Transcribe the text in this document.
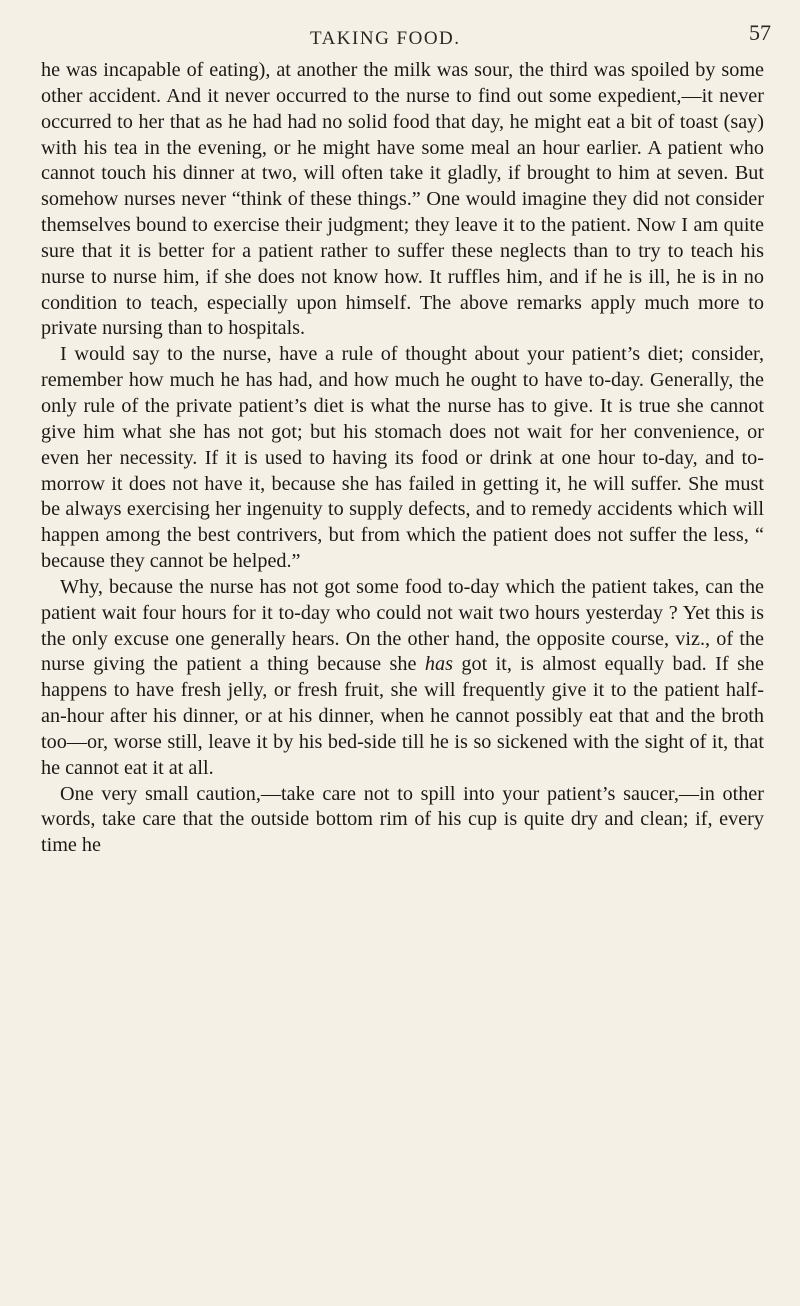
TAKING FOOD.	57

he was incapable of eating), at another the milk was sour, the third was spoiled by some other accident. And it never occurred to the nurse to find out some expedient,—it never occurred to her that as he had had no solid food that day, he might eat a bit of toast (say) with his tea in the evening, or he might have some meal an hour earlier. A patient who cannot touch his dinner at two, will often take it gladly, if brought to him at seven. But somehow nurses never “think of these things.” One would imagine they did not consider themselves bound to exercise their judgment; they leave it to the patient. Now I am quite sure that it is better for a patient rather to suffer these neglects than to try to teach his nurse to nurse him, if she does not know how. It ruffles him, and if he is ill, he is in no condition to teach, especially upon himself. The above remarks apply much more to private nursing than to hospitals.

I would say to the nurse, have a rule of thought about your patient’s diet; consider, remember how much he has had, and how much he ought to have to-day. Generally, the only rule of the private patient’s diet is what the nurse has to give. It is true she cannot give him what she has not got; but his stomach does not wait for her convenience, or even her necessity. If it is used to having its food or drink at one hour to-day, and to-morrow it does not have it, because she has failed in getting it, he will suffer. She must be always exercising her ingenuity to supply defects, and to remedy accidents which will happen among the best contrivers, but from which the patient does not suffer the less, “ because they cannot be helped.”

Why, because the nurse has not got some food to-day which the patient takes, can the patient wait four hours for it to-day who could not wait two hours yesterday ? Yet this is the only excuse one generally hears. On the other hand, the opposite course, viz., of the nurse giving the patient a thing because she has got it, is almost equally bad. If she happens to have fresh jelly, or fresh fruit, she will frequently give it to the patient half-an-hour after his dinner, or at his dinner, when he cannot possibly eat that and the broth too—or, worse still, leave it by his bed-side till he is so sickened with the sight of it, that he cannot eat it at all.

One very small caution,—take care not to spill into your patient’s saucer,—in other words, take care that the outside bottom rim of his cup is quite dry and clean; if, every time he
